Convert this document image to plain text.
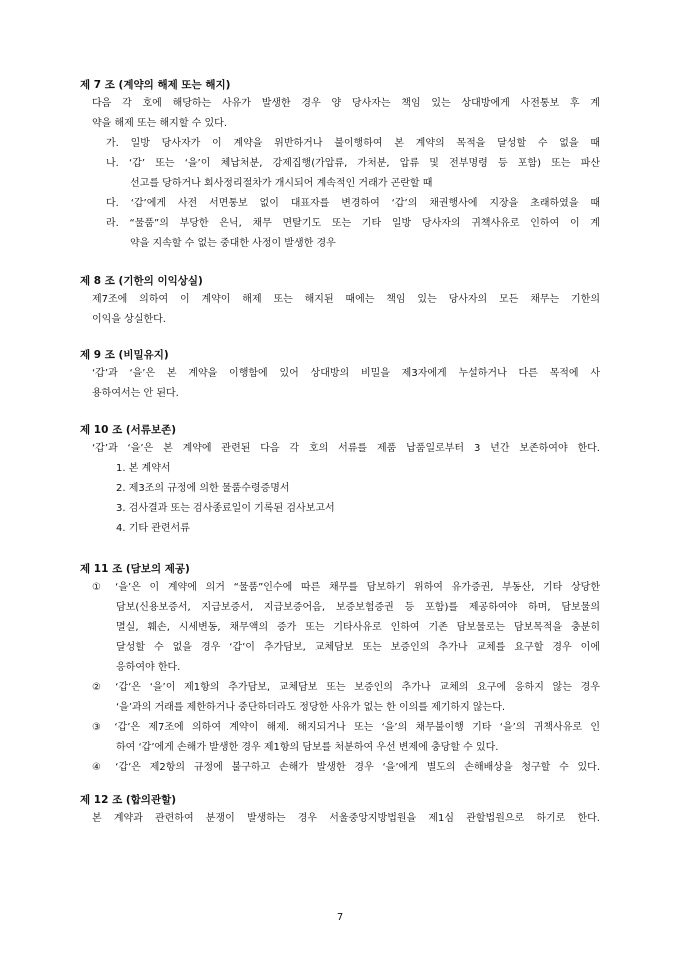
제 7 조 (계약의 해제 또는 해지)
다음 각 호에 해당하는 사유가 발생한 경우 양 당사자는 책임 있는 상대방에게 사전통보 후 계
약을 해제 또는 해지할 수 있다.
가. 일방 당사자가 이 계약을 위반하거나 불이행하여 본 계약의 목적을 달성할 수 없을 때
나. ‘갑’ 또는 ‘을’이 체납처분, 강제집행(가압류, 가처분, 압류 및 전부명령 등 포함) 또는 파산
선고를 당하거나 회사정리절차가 개시되어 계속적인 거래가 곤란할 때
다. ‘갑’에게 사전 서면통보 없이 대표자를 변경하여 ‘갑’의 채권행사에 지장을 초래하였을 때
라. “물품”의 부당한 은닉, 채무 면탈기도 또는 기타 일방 당사자의 귀책사유로 인하여 이 계
약을 지속할 수 없는 중대한 사정이 발생한 경우
제 8 조 (기한의 이익상실)
제7조에 의하여 이 계약이 해제 또는 해지된 때에는 책임 있는 당사자의 모든 채무는 기한의
이익을 상실한다.
제 9 조 (비밀유지)
‘갑’과 ‘을’은 본 계약을 이행함에 있어 상대방의 비밀을 제3자에게 누설하거나 다른 목적에 사
용하여서는 안 된다.
제 10 조 (서류보존)
‘갑’과 ‘을’은 본 계약에 관련된 다음 각 호의 서류를 제품 납품일로부터 3 년간 보존하여야 한다.
1. 본 계약서
2. 제3조의 규정에 의한 물품수령증명서
3. 검사결과 또는 검사종료일이 기록된 검사보고서
4. 기타 관련서류
제 11 조 (담보의 제공)
① ‘을’은 이 계약에 의거 “물품”인수에 따른 채무를 담보하기 위하여 유가증권, 부동산, 기타 상당한
담보(신용보증서, 지급보증서, 지급보증어음, 보증보험증권 등 포함)를 제공하여야 하며, 담보물의
멸실, 훼손, 시세변동, 채무액의 증가 또는 기타사유로 인하여 기존 담보물로는 담보목적을 충분히
달성할 수 없을 경우 ‘갑’이 추가담보, 교체담보 또는 보증인의 추가나 교체를 요구할 경우 이에
응하여야 한다.
② ‘갑’은 ‘을’이 제1항의 추가담보, 교체담보 또는 보증인의 추가나 교체의 요구에 응하지 않는 경우
‘을’과의 거래를 제한하거나 중단하더라도 정당한 사유가 없는 한 이의를 제기하지 않는다.
③ ‘갑’은 제7조에 의하여 계약이 해제. 해지되거나 또는 ‘을’의 채무불이행 기타 ‘을’의 귀책사유로 인
하여 ‘갑’에게 손해가 발생한 경우 제1항의 담보를 처분하여 우선 변제에 충당할 수 있다.
④ ‘갑’은 제2항의 규정에 불구하고 손해가 발생한 경우 ‘을’에게 별도의 손해배상을 청구할 수 있다.
제 12 조 (합의관할)
본 계약과 관련하여 분쟁이 발생하는 경우 서울중앙지방법원을 제1심 관할법원으로 하기로 한다.
7
